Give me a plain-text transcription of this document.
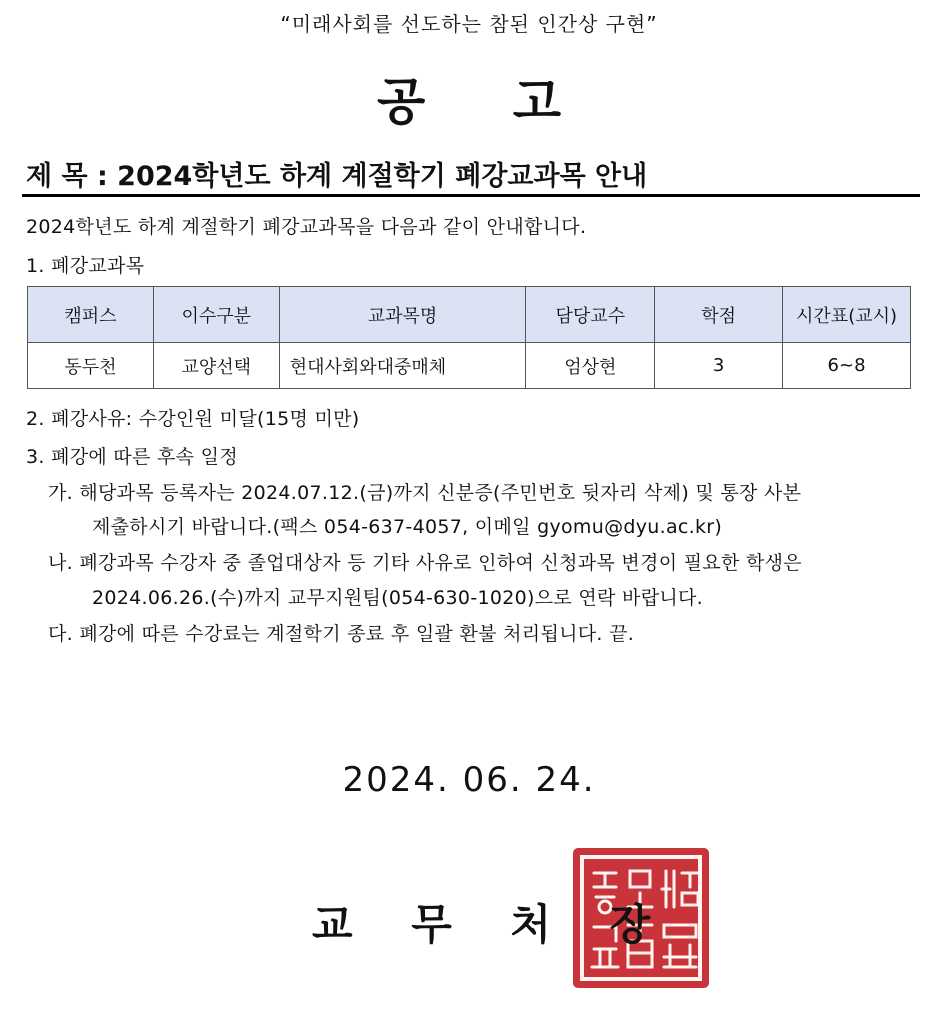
“미래사회를 선도하는 참된 인간상 구현”
공 고
제 목 : 2024학년도 하계 계절학기 폐강교과목 안내
2024학년도 하계 계절학기 폐강교과목을 다음과 같이 안내합니다.
1. 폐강교과목
캠퍼스	이수구분	교과목명	담당교수	학점	시간표(교시)
동두천	교양선택	현대사회와대중매체	엄상현	3	6~8
2. 폐강사유: 수강인원 미달(15명 미만)
3. 폐강에 따른 후속 일정
가. 해당과목 등록자는 2024.07.12.(금)까지 신분증(주민번호 뒷자리 삭제) 및 통장 사본
제출하시기 바랍니다.(팩스 054-637-4057, 이메일 gyomu@dyu.ac.kr)
나. 폐강과목 수강자 중 졸업대상자 등 기타 사유로 인하여 신청과목 변경이 필요한 학생은
2024.06.26.(수)까지 교무지원팀(054-630-1020)으로 연락 바랍니다.
다. 폐강에 따른 수강료는 계절학기 종료 후 일괄 환불 처리됩니다. 끝.
2024. 06. 24.
교 무 처 장
